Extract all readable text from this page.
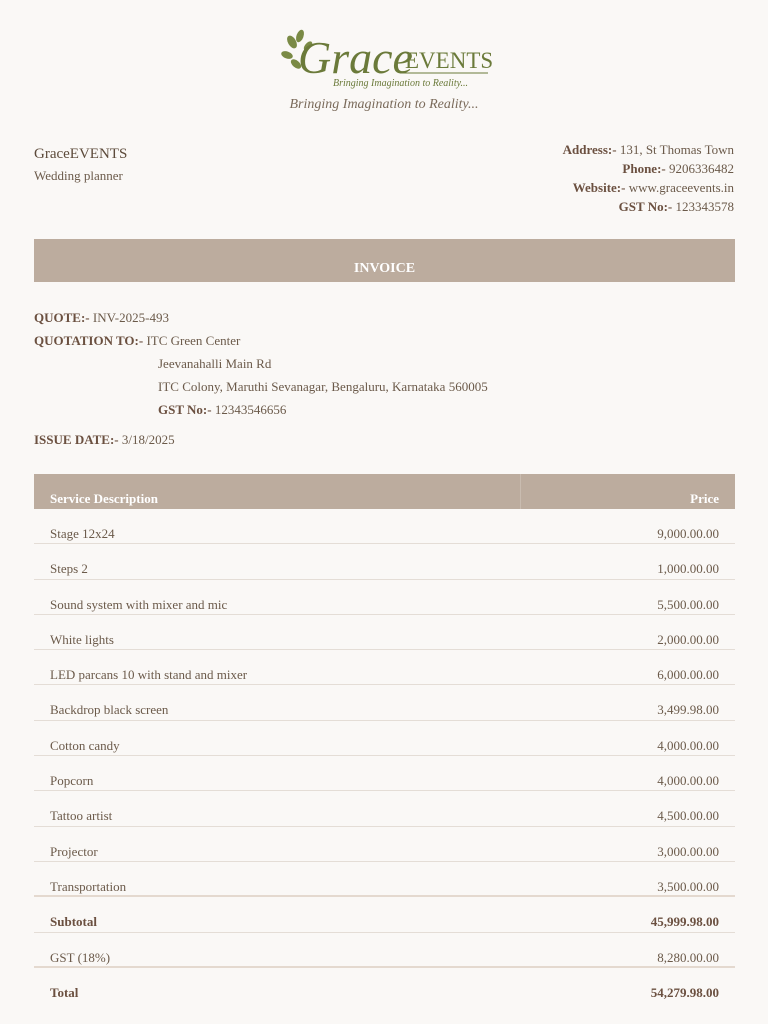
Grace
EVENTS
Bringing Imagination to Reality...
Bringing Imagination to Reality...
GraceEVENTS
Wedding planner
Address:- 131, St Thomas Town
Phone:- 9206336482
Website:- www.graceevents.in
GST No:- 123343578
INVOICE
QUOTE:- INV-2025-493
QUOTATION TO:- ITC Green Center
Jeevanahalli Main Rd
ITC Colony, Maruthi Sevanagar, Bengaluru, Karnataka 560005
GST No:- 12343546656
ISSUE DATE:- 3/18/2025
Service Description	Price
Stage 12x24	9,000.00.00
Steps 2	1,000.00.00
Sound system with mixer and mic	5,500.00.00
White lights	2,000.00.00
LED parcans 10 with stand and mixer	6,000.00.00
Backdrop black screen	3,499.98.00
Cotton candy	4,000.00.00
Popcorn	4,000.00.00
Tattoo artist	4,500.00.00
Projector	3,000.00.00
Transportation	3,500.00.00
Subtotal	45,999.98.00
GST (18%)	8,280.00.00
Total	54,279.98.00
